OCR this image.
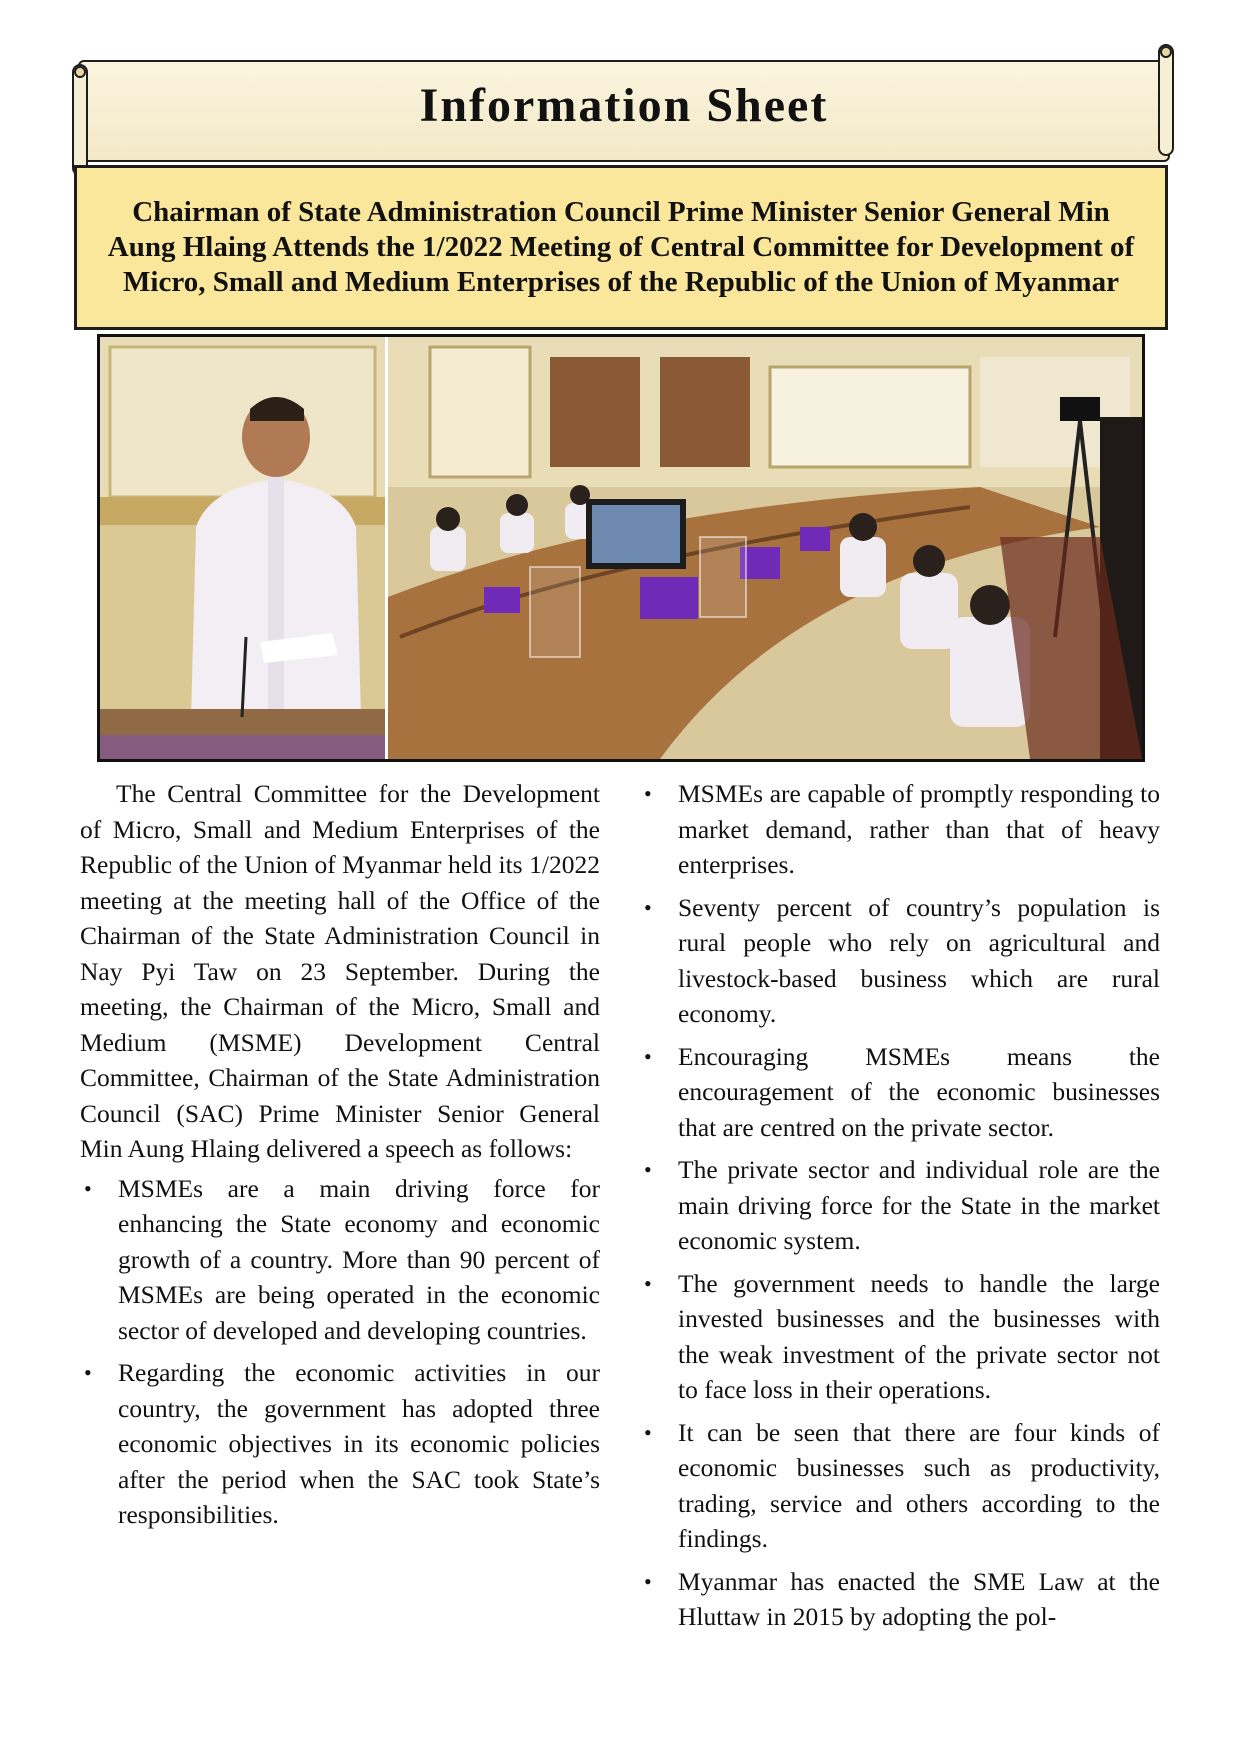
Information Sheet
Chairman of State Administration Council Prime Minister Senior General Min Aung Hlaing Attends the 1/2022 Meeting of Central Committee for Development of Micro, Small and Medium Enterprises of the Republic of the Union of Myanmar

The Central Committee for the Development of Micro, Small and Medium Enterprises of the Republic of the Union of Myanmar held its 1/2022 meeting at the meeting hall of the Office of the Chairman of the State Administration Council in Nay Pyi Taw on 23 September. During the meeting, the Chairman of the Micro, Small and Medium (MSME) Development Central Committee, Chairman of the State Administration Council (SAC) Prime Minister Senior General Min Aung Hlaing delivered a speech as follows:

• MSMEs are a main driving force for enhancing the State economy and economic growth of a country. More than 90 percent of MSMEs are being operated in the economic sector of developed and developing countries.
• Regarding the economic activities in our country, the government has adopted three economic objectives in its economic policies after the period when the SAC took State’s responsibilities.
• MSMEs are capable of promptly responding to market demand, rather than that of heavy enterprises.
• Seventy percent of country’s population is rural people who rely on agricultural and livestock-based business which are rural economy.
• Encouraging MSMEs means the encouragement of the economic businesses that are centred on the private sector.
• The private sector and individual role are the main driving force for the State in the market economic system.
• The government needs to handle the large invested businesses and the businesses with the weak investment of the private sector not to face loss in their operations.
• It can be seen that there are four kinds of economic businesses such as productivity, trading, service and others according to the findings.
• Myanmar has enacted the SME Law at the Hluttaw in 2015 by adopting the pol-
